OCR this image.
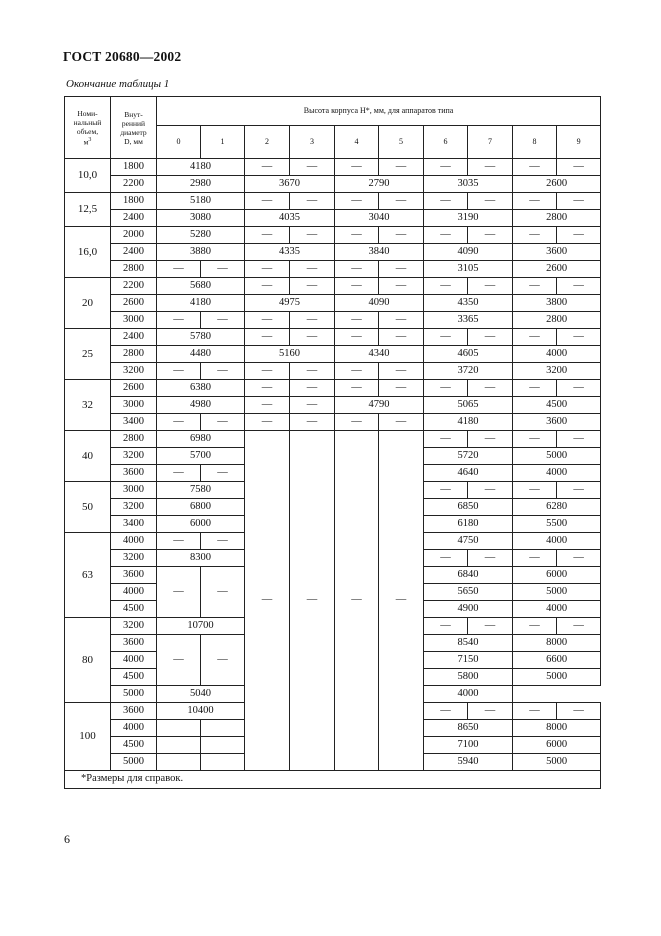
ГОСТ 20680—2002
Окончание таблицы 1
Номи-
нальный
объем,
$м^3$	Внут-
ренний
диаметр
D, мм	Высота корпуса H*, мм, для аппаратов типа									
		0	1	2	3	4	5	6	7	8	9
10,0	1800	4180		—	—	—	—	—	—	—	—
	2200	2980		3670		2790		3035		2600	
12,5	1800	5180		—	—	—	—	—	—	—	—
	2400	3080		4035		3040		3190		2800	
16,0	2000	5280		—	—	—	—	—	—	—	—
	2400	3880		4335		3840		4090		3600	
	2800	—	—	—	—	—	—	3105		2600	
20	2200	5680		—	—	—	—	—	—	—	—
	2600	4180		4975		4090		4350		3800	
	3000	—	—	—	—	—	—	3365		2800	
25	2400	5780		—	—	—	—	—	—	—	—
	2800	4480		5160		4340		4605		4000	
	3200	—	—	—	—	—	—	3720		3200	
32	2600	6380		—	—	—	—	—	—	—	—
	3000	4980		—	—	4790		5065		4500	
	3400	—	—	—	—	—	—	4180		3600	
40	2800	6980		—	—	—	—	—	—	—	—
	3200	5700						5720		5000	
	3600	—	—					4640		4000	
50	3000	7580						—	—	—	—
	3200	6800						6850		6280	
	3400	6000						6180		5500	
63	4000	—	—					4750		4000	
	3200	8300						—	—	—	—
	3600	—	—					6840		6000	
	4000							5650		5000	
	4500							4900		4000	
80	3200	10700						—	—	—	—
	3600	—	—					8540		8000	
	4000							7150		6600	
	4500							5800		5000	
	5000	5040						4000			
100	3600	10400						—	—	—	—
	4000							8650		8000	
	4500							7100		6000	
	5000							5940		5000	
*Размеры для справок.											
6
